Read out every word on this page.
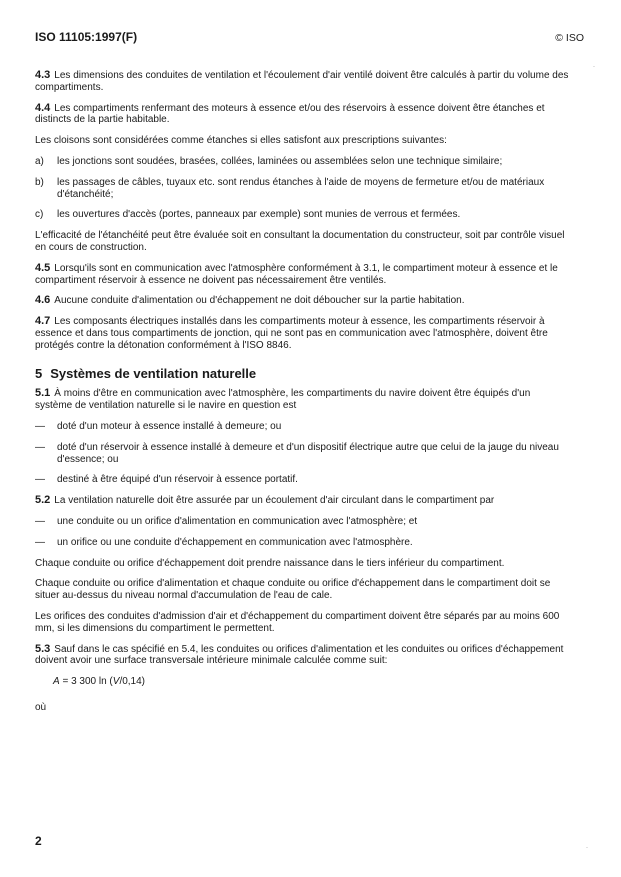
ISO 11105:1997(F)	© ISO

4.3 Les dimensions des conduites de ventilation et l'écoulement d'air ventilé doivent être calculés à partir du volume des compartiments.

4.4 Les compartiments renfermant des moteurs à essence et/ou des réservoirs à essence doivent être étanches et distincts de la partie habitable.

Les cloisons sont considérées comme étanches si elles satisfont aux prescriptions suivantes:

a)	les jonctions sont soudées, brasées, collées, laminées ou assemblées selon une technique similaire;
b)	les passages de câbles, tuyaux etc. sont rendus étanches à l'aide de moyens de fermeture et/ou de matériaux d'étanchéité;
c)	les ouvertures d'accès (portes, panneaux par exemple) sont munies de verrous et fermées.

L'efficacité de l'étanchéité peut être évaluée soit en consultant la documentation du constructeur, soit par contrôle visuel en cours de construction.

4.5 Lorsqu'ils sont en communication avec l'atmosphère conformément à 3.1, le compartiment moteur à essence et le compartiment réservoir à essence ne doivent pas nécessairement être ventilés.

4.6 Aucune conduite d'alimentation ou d'échappement ne doit déboucher sur la partie habitation.

4.7 Les composants électriques installés dans les compartiments moteur à essence, les compartiments réservoir à essence et dans tous compartiments de jonction, qui ne sont pas en communication avec l'atmosphère, doivent être protégés contre la détonation conformément à l'ISO 8846.

5 Systèmes de ventilation naturelle

5.1 À moins d'être en communication avec l'atmosphère, les compartiments du navire doivent être équipés d'un système de ventilation naturelle si le navire en question est

—	doté d'un moteur à essence installé à demeure; ou
—	doté d'un réservoir à essence installé à demeure et d'un dispositif électrique autre que celui de la jauge du niveau d'essence; ou
—	destiné à être équipé d'un réservoir à essence portatif.

5.2 La ventilation naturelle doit être assurée par un écoulement d'air circulant dans le compartiment par

—	une conduite ou un orifice d'alimentation en communication avec l'atmosphère; et
—	un orifice ou une conduite d'échappement en communication avec l'atmosphère.

Chaque conduite ou orifice d'échappement doit prendre naissance dans le tiers inférieur du compartiment.

Chaque conduite ou orifice d'alimentation et chaque conduite ou orifice d'échappement dans le compartiment doit se situer au-dessus du niveau normal d'accumulation de l'eau de cale.

Les orifices des conduites d'admission d'air et d'échappement du compartiment doivent être séparés par au moins 600 mm, si les dimensions du compartiment le permettent.

5.3 Sauf dans le cas spécifié en 5.4, les conduites ou orifices d'alimentation et les conduites ou orifices d'échappement doivent avoir une surface transversale intérieure minimale calculée comme suit:

A = 3 300 ln (V/0,14)

où

2
·
·
